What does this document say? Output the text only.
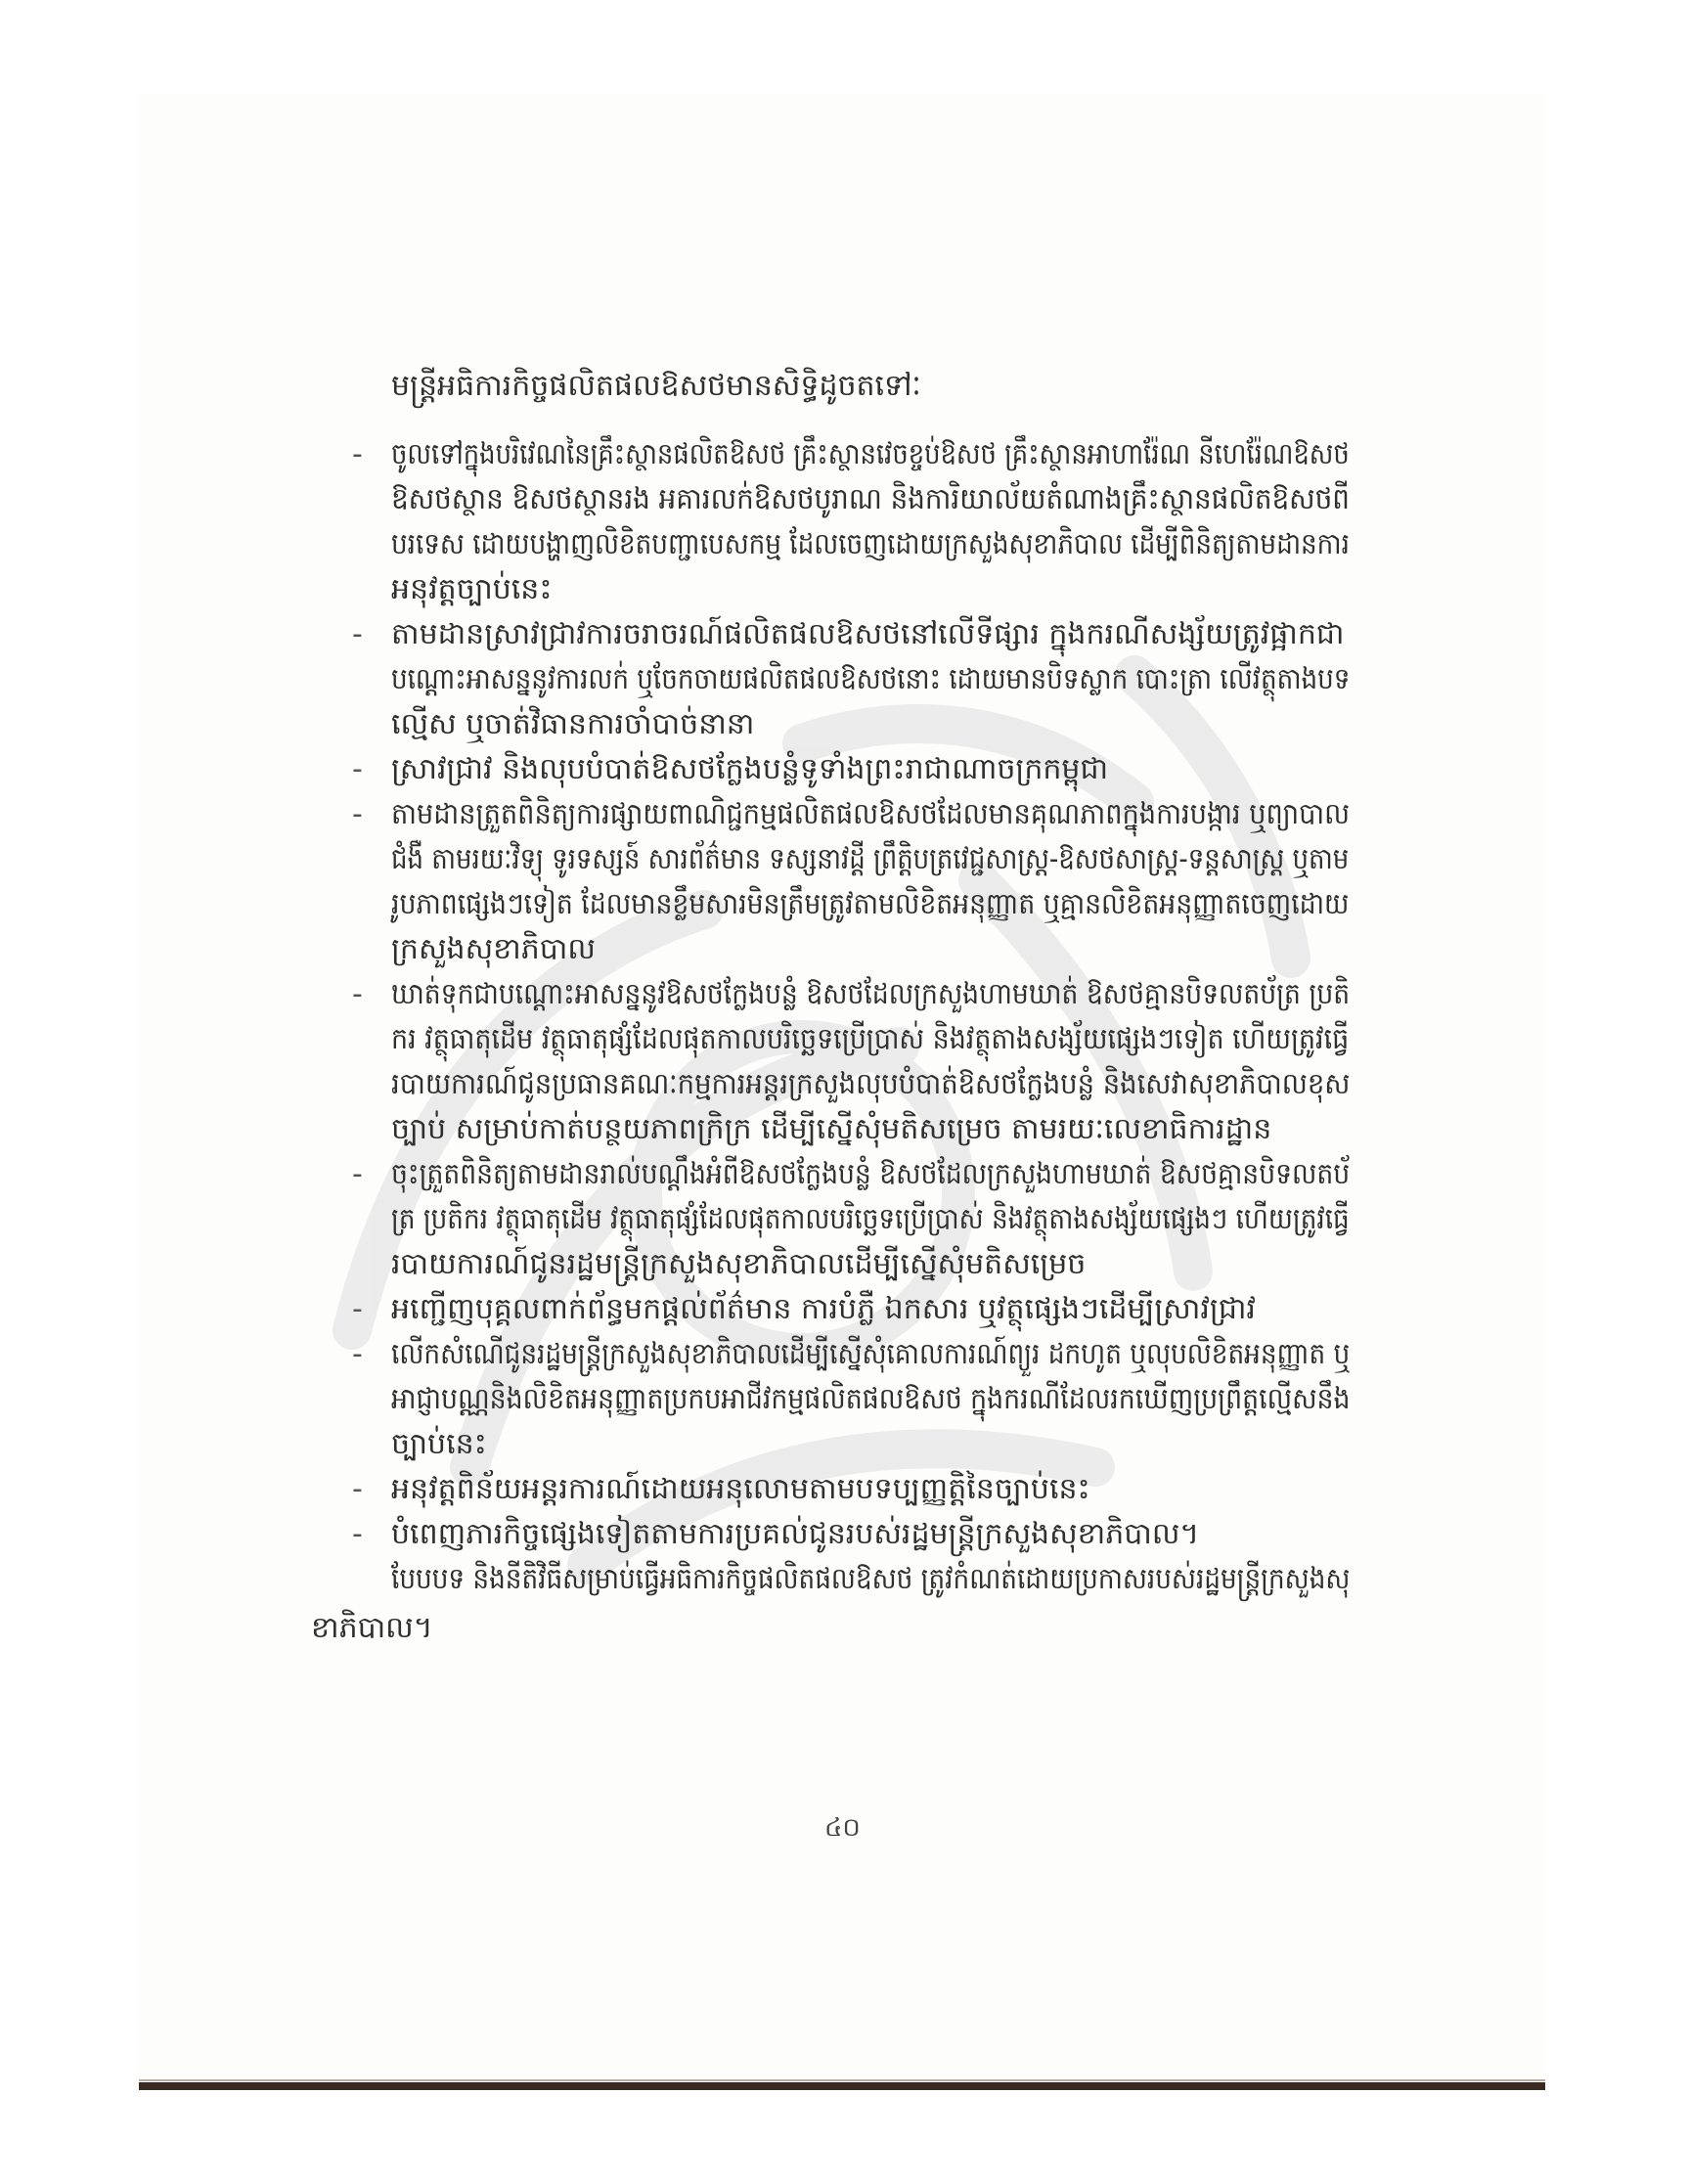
មន្ត្រីអធិការកិច្ចផលិតផលឱសថមានសិទ្ធិដូចតទៅៈ
- ចូលទៅក្នុងបរិវេណនៃគ្រឹះស្ថានផលិតឱសថ គ្រឹះស្ថានវេចខ្ចប់ឱសថ គ្រឹះស្ថានអាហារ៉ែណ នីហេរ៉ែណឱសថ
ឱសថស្ថាន ឱសថស្ថានរង អគារលក់ឱសថបូរាណ និងការិយាល័យតំណាងគ្រឹះស្ថានផលិតឱសថពី
បរទេស ដោយបង្ហាញលិខិតបញ្ជាបេសកម្ម ដែលចេញដោយក្រសួងសុខាភិបាល ដើម្បីពិនិត្យតាមដានការ
អនុវត្តច្បាប់នេះ
- តាមដានស្រាវជ្រាវការចរាចរណ៍ផលិតផលឱសថនៅលើទីផ្សារ ក្នុងករណីសង្ស័យត្រូវផ្អាកជា
បណ្ដោះអាសន្ននូវការលក់ ឬចែកចាយផលិតផលឱសថនោះ ដោយមានបិទស្លាក បោះត្រា លើវត្ថុតាងបទ
ល្មើស ឬចាត់វិធានការចាំបាច់នានា
- ស្រាវជ្រាវ និងលុបបំបាត់ឱសថក្លែងបន្លំទូទាំងព្រះរាជាណាចក្រកម្ពុជា
- តាមដានត្រួតពិនិត្យការផ្សាយពាណិជ្ជកម្មផលិតផលឱសថដែលមានគុណភាពក្នុងការបង្ការ ឬព្យាបាល
ជំងឺ តាមរយៈវិទ្យុ ទូរទស្សន៍ សារព័ត៌មាន ទស្សនាវដ្ដី ព្រឹត្តិបត្រវេជ្ជសាស្ត្រ-ឱសថសាស្ត្រ-ទន្តសាស្ត្រ ឬតាម
រូបភាពផ្សេងៗទៀត ដែលមានខ្លឹមសារមិនត្រឹមត្រូវតាមលិខិតអនុញ្ញាត ឬគ្មានលិខិតអនុញ្ញាតចេញដោយ
ក្រសួងសុខាភិបាល
- ឃាត់ទុកជាបណ្ដោះអាសន្ននូវឱសថក្លែងបន្លំ ឱសថដែលក្រសួងហាមឃាត់ ឱសថគ្មានបិទលតប័ត្រ ប្រតិ
ករ វត្ថុធាតុដើម វត្ថុធាតុផ្សំដែលផុតកាលបរិច្ឆេទប្រើប្រាស់ និងវត្ថុតាងសង្ស័យផ្សេងៗទៀត ហើយត្រូវធ្វើ
របាយការណ៍ជូនប្រធានគណៈកម្មការអន្តរក្រសួងលុបបំបាត់ឱសថក្លែងបន្លំ និងសេវាសុខាភិបាលខុស
ច្បាប់ សម្រាប់កាត់បន្ថយភាពក្រិក្រ ដើម្បីស្នើសុំមតិសម្រេច តាមរយៈលេខាធិការដ្ឋាន
- ចុះត្រួតពិនិត្យតាមដានរាល់បណ្ដឹងអំពីឱសថក្លែងបន្លំ ឱសថដែលក្រសួងហាមឃាត់ ឱសថគ្មានបិទលតប័
ត្រ ប្រតិករ វត្ថុធាតុដើម វត្ថុធាតុផ្សំដែលផុតកាលបរិច្ឆេទប្រើប្រាស់ និងវត្ថុតាងសង្ស័យផ្សេងៗ ហើយត្រូវធ្វើ
របាយការណ៍ជូនរដ្ឋមន្ត្រីក្រសួងសុខាភិបាលដើម្បីស្នើសុំមតិសម្រេច
- អញ្ជើញបុគ្គលពាក់ព័ន្ធមកផ្ដល់ព័ត៌មាន ការបំភ្លឺ ឯកសារ ឬវត្ថុផ្សេងៗដើម្បីស្រាវជ្រាវ
- លើកសំណើជូនរដ្ឋមន្ត្រីក្រសួងសុខាភិបាលដើម្បីស្នើសុំគោលការណ៍ព្យួរ ដកហូត ឬលុបលិខិតអនុញ្ញាត ឬ
អាជ្ញាបណ្ណនិងលិខិតអនុញ្ញាតប្រកបអាជីវកម្មផលិតផលឱសថ ក្នុងករណីដែលរកឃើញប្រព្រឹត្តល្មើសនឹង
ច្បាប់នេះ
- អនុវត្តពិន័យអន្តរការណ៍ដោយអនុលោមតាមបទប្បញ្ញត្តិនៃច្បាប់នេះ
- បំពេញភារកិច្ចផ្សេងទៀតតាមការប្រគល់ជូនរបស់រដ្ឋមន្ត្រីក្រសួងសុខាភិបាល។
បែបបទ និងនីតិវិធីសម្រាប់ធ្វើអធិការកិច្ចផលិតផលឱសថ ត្រូវកំណត់ដោយប្រកាសរបស់រដ្ឋមន្ត្រីក្រសួងសុ
ខាភិបាល។
៤០
